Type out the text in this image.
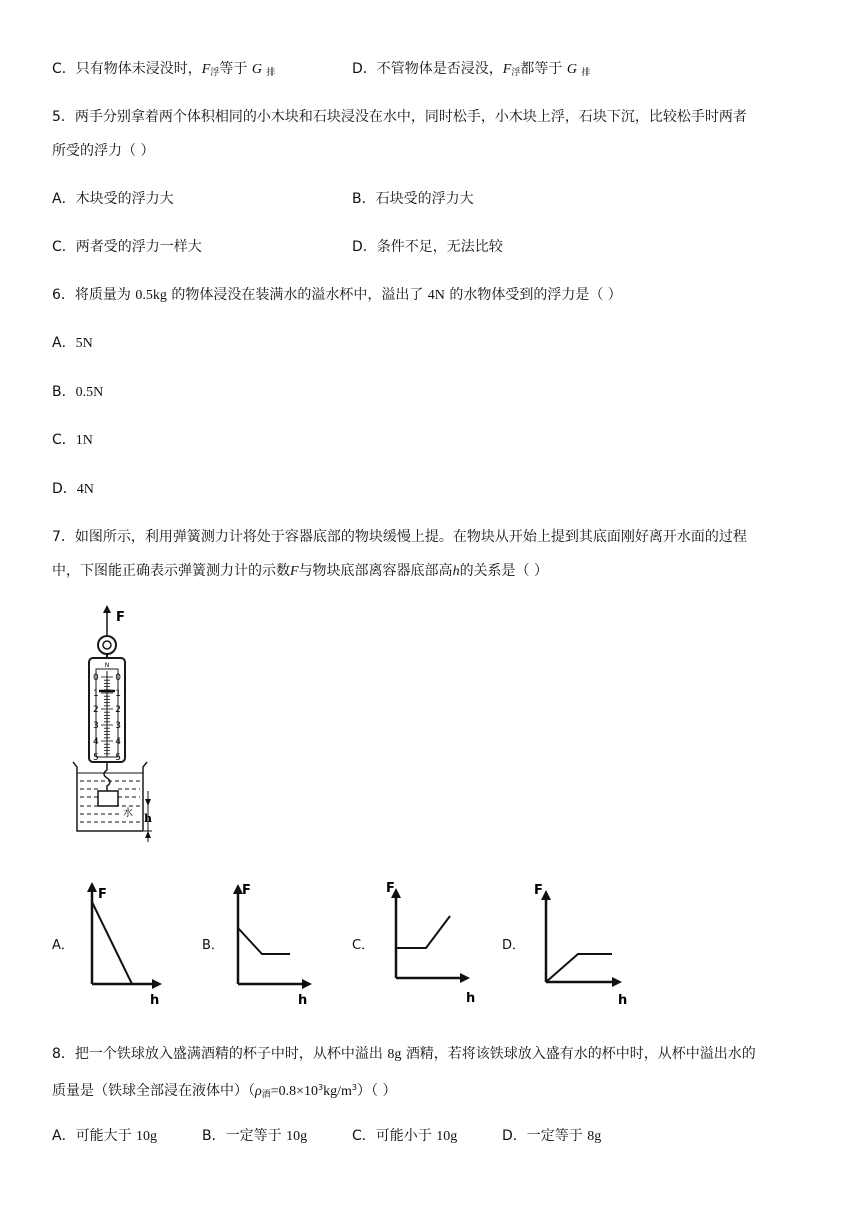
C．只有物体未浸没时，$F_浮$等于 G $_排$	D．不管物体是否浸没，$F_浮$都等于 G $_排$
5．两手分别拿着两个体积相同的小木块和石块浸没在水中，同时松手，小木块上浮，石块下沉，比较松手时两者
所受的浮力（ ）
A．木块受的浮力大	B．石块受的浮力大
C．两者受的浮力一样大	D．条件不足，无法比较
6．将质量为 0.5kg 的物体浸没在装满水的溢水杯中，溢出了 4N 的水物体受到的浮力是（ ）
A．5N
B．0.5N
C．1N
D．4N
7．如图所示，利用弹簧测力计将处于容器底部的物块缓慢上提。在物块从开始上提到其底面刚好离开水面的过程
中，下图能正确表示弹簧测力计的示数F与物块底部离容器底部高h的关系是（ ）
F
N
0 0
1 1
2 2
3 3
4 4
5 5
水 h
A．
F
h
B．
F
h
C．
F
h
D．
F
h
8．把一个铁球放入盛满酒精的杯子中时，从杯中溢出 8g 酒精，若将该铁球放入盛有水的杯中时，从杯中溢出水的
质量是（铁球全部浸在液体中）$(\rho_酒=0.8\times 10^3kg/m^3)$（ ）
A．可能大于 10g	B．一定等于 10g	C．可能小于 10g	D．一定等于 8g
